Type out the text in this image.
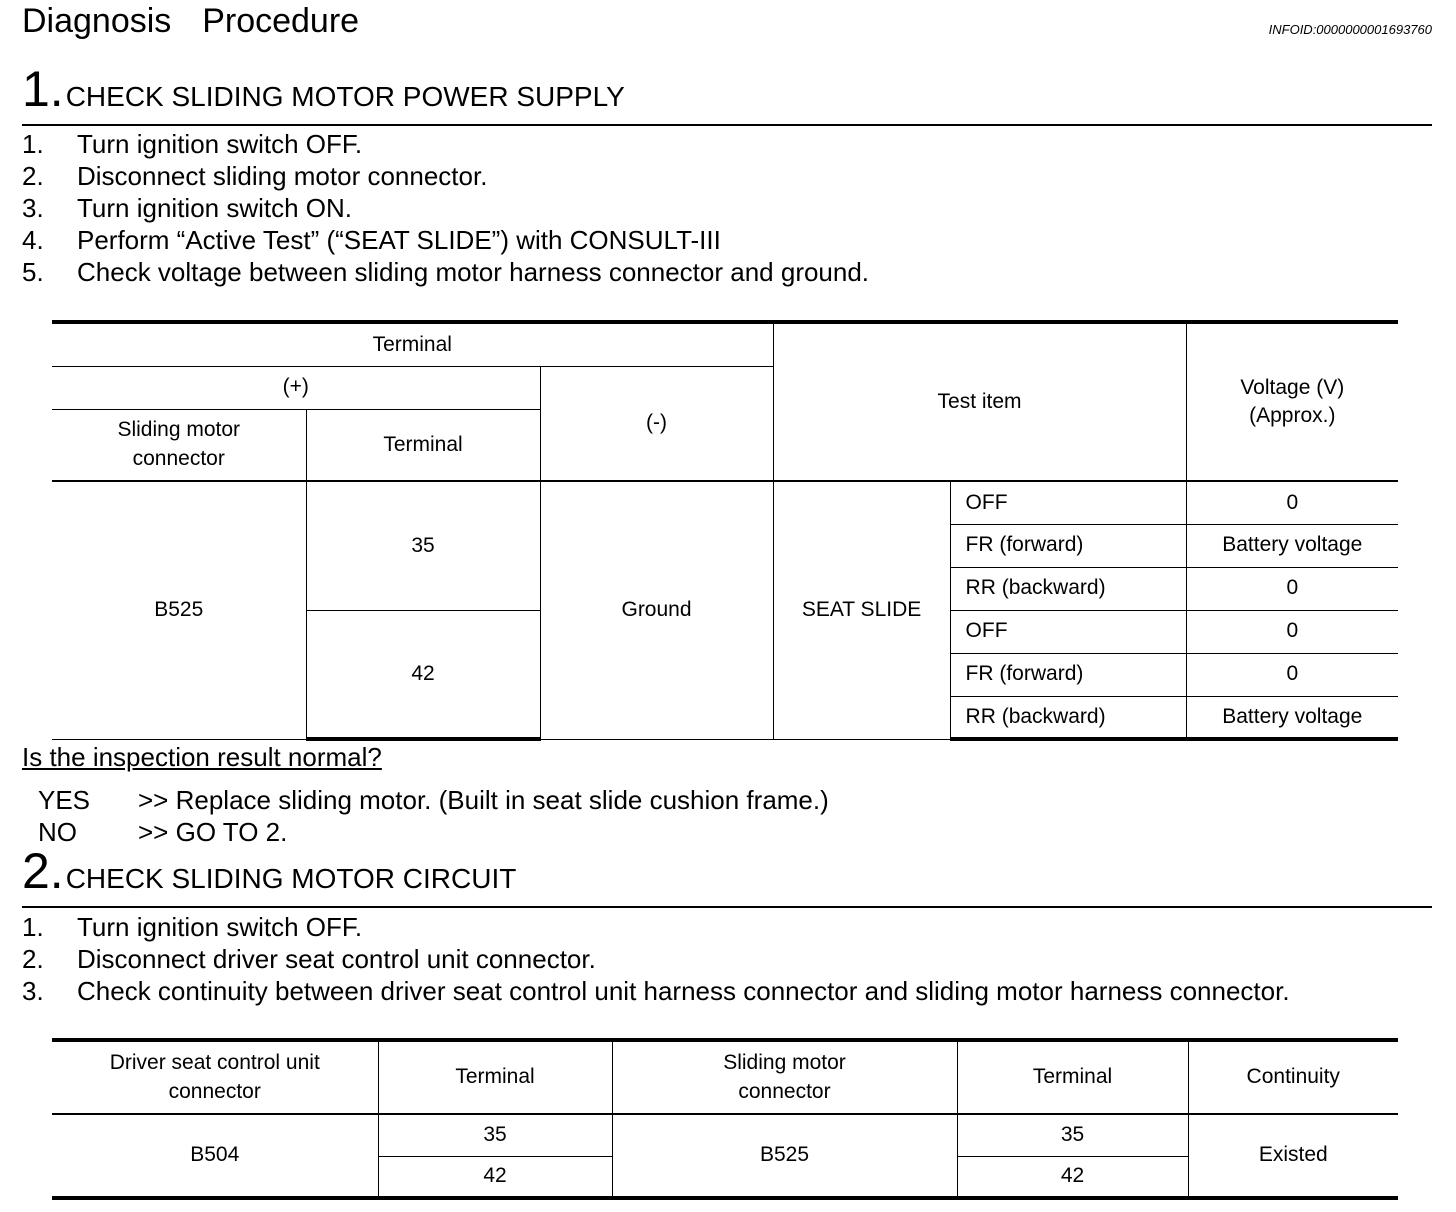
Diagnosis  Procedure	INFOID:0000000001693760
1. CHECK SLIDING MOTOR POWER SUPPLY
1.	Turn ignition switch OFF.
2.	Disconnect sliding motor connector.
3.	Turn ignition switch ON.
4.	Perform “Active Test” (“SEAT SLIDE”) with CONSULT-III
5.	Check voltage between sliding motor harness connector and ground.
Terminal			Test item		Voltage (V)
(Approx.)
(+)		(-)			
Sliding motor connector	Terminal				
B525	35	Ground	SEAT SLIDE	OFF	0
				FR (forward)	Battery voltage
				RR (backward)	0
	42			OFF	0
				FR (forward)	0
				RR (backward)	Battery voltage
Is the inspection result normal?
YES	>> Replace sliding motor. (Built in seat slide cushion frame.)
NO	>> GO TO 2.
2. CHECK SLIDING MOTOR CIRCUIT
1.	Turn ignition switch OFF.
2.	Disconnect driver seat control unit connector.
3.	Check continuity between driver seat control unit harness connector and sliding motor harness connector.
Driver seat control unit connector	Terminal	Sliding motor connector	Terminal	Continuity
B504	35	B525	35	Existed
	42		42	
